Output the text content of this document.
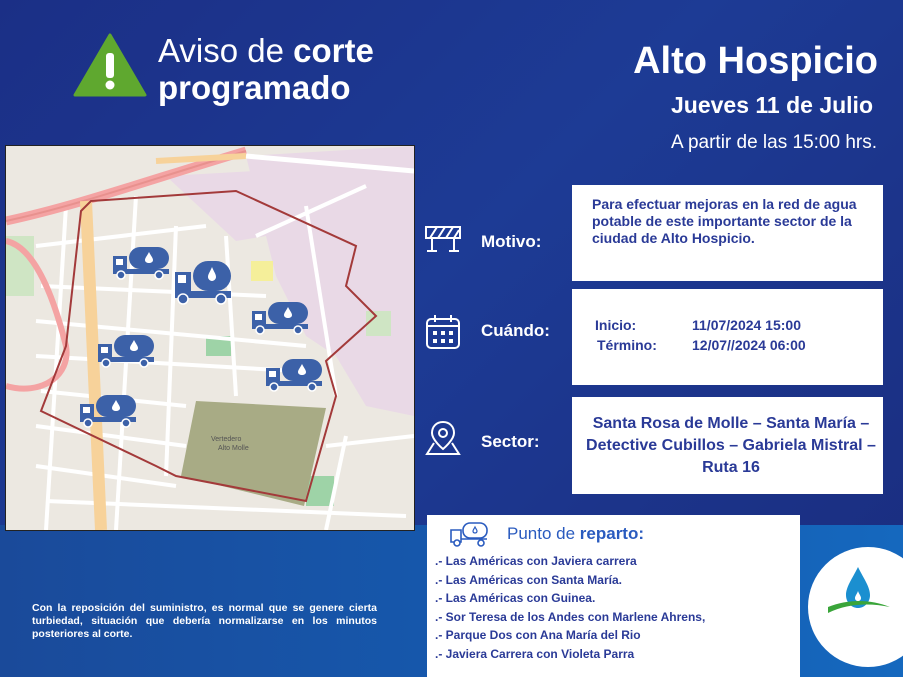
Aviso de corte
programado
Alto Hospicio
Jueves 11 de Julio
A partir de las 15:00 hrs.
Vertedero
Alto Molle
Motivo:
Para efectuar mejoras en la red de agua potable de este importante sector de la ciudad de Alto Hospicio.
Cuándo:	Inicio:	11/07/2024 15:00
Término:	12/07//2024 06:00
Sector:
Santa Rosa de Molle – Santa María – Detective Cubillos – Gabriela Mistral – Ruta 16
Punto de reparto:
.- Las Américas con Javiera carrera
.- Las Américas con Santa María.
.- Las Américas con Guinea.
.- Sor Teresa de los Andes con Marlene Ahrens,
.- Parque Dos con Ana María del Rio
.- Javiera Carrera con Violeta Parra
Con la reposición del suministro, es normal que se genere cierta turbiedad, situación que debería normalizarse en los minutos posteriores al corte.
